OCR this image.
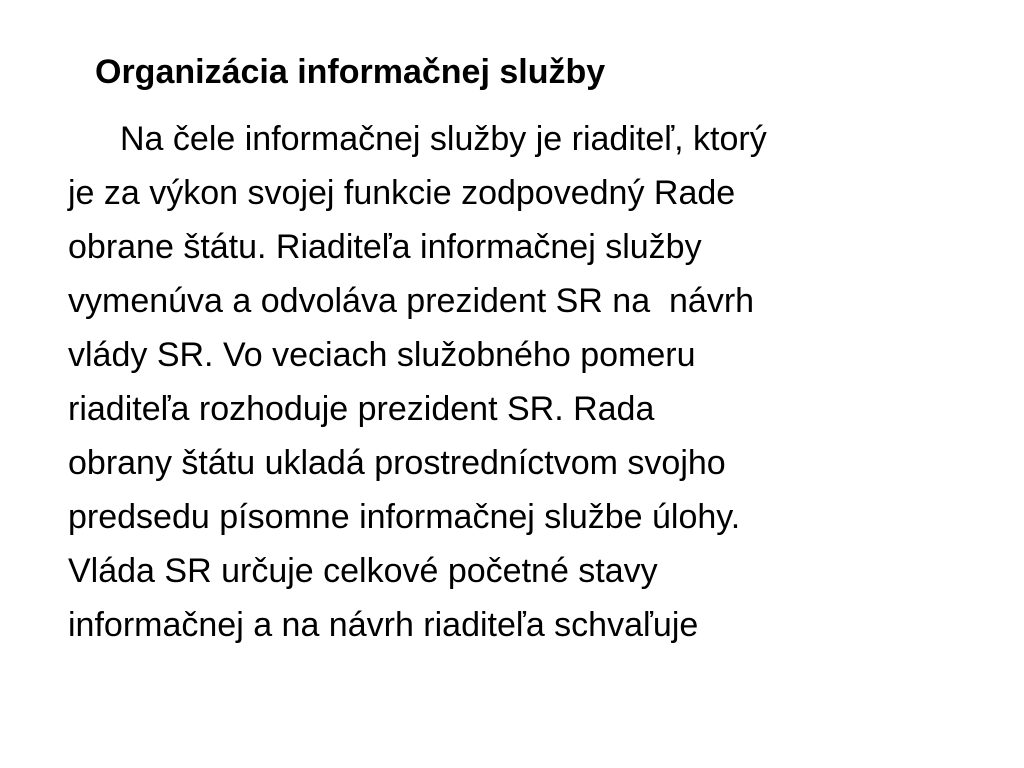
Organizácia informačnej služby
Na čele informačnej služby je riaditeľ, ktorý
je za výkon svojej funkcie zodpovedný Rade
obrane štátu. Riaditeľa informačnej služby
vymenúva a odvoláva prezident SR na  návrh
vlády SR. Vo veciach služobného pomeru
riaditeľa rozhoduje prezident SR. Rada
obrany štátu ukladá prostredníctvom svojho
predsedu písomne informačnej službe úlohy.
Vláda SR určuje celkové početné stavy
informačnej a na návrh riaditeľa schvaľuje
